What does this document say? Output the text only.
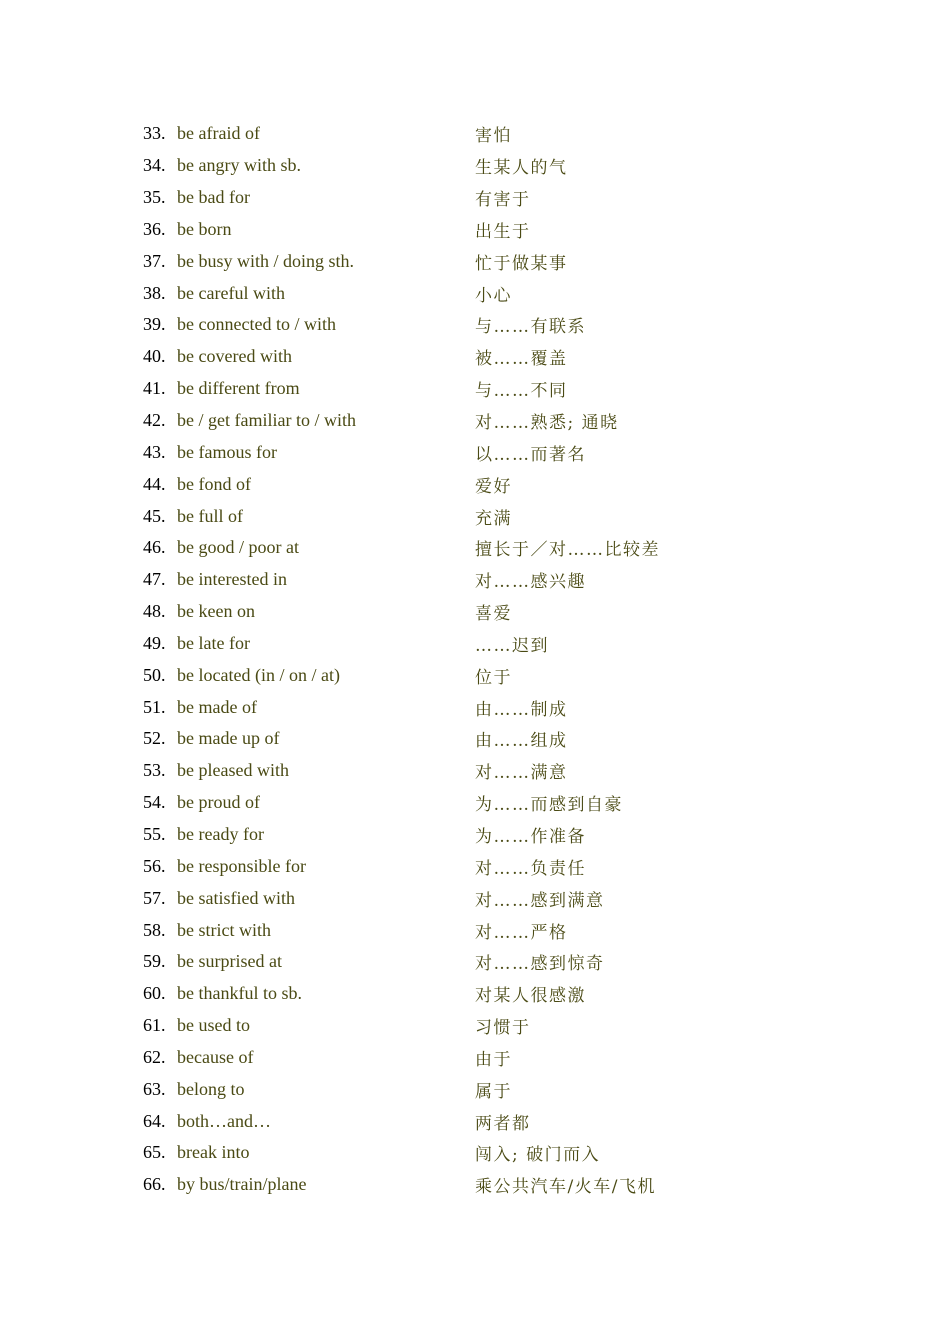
33. be afraid of	害怕
34. be angry with sb.	生某人的气
35. be bad for	有害于
36. be born	出生于
37. be busy with / doing sth.	忙于做某事
38. be careful with	小心
39. be connected to / with	与……有联系
40. be covered with	被……覆盖
41. be different from	与……不同
42. be / get familiar to / with	对……熟悉; 通晓
43. be famous for	以……而著名
44. be fond of	爱好
45. be full of	充满
46. be good / poor at	擅长于／对……比较差
47. be interested in	对……感兴趣
48. be keen on	喜爱
49. be late for	……迟到
50. be located (in / on / at)	位于
51. be made of	由……制成
52. be made up of	由……组成
53. be pleased with	对……满意
54. be proud of	为……而感到自豪
55. be ready for	为……作准备
56. be responsible for	对……负责任
57. be satisfied with	对……感到满意
58. be strict with	对……严格
59. be surprised at	对……感到惊奇
60. be thankful to sb.	对某人很感激
61. be used to	习惯于
62. because of	由于
63. belong to	属于
64. both…and…	两者都
65. break into	闯入; 破门而入
66. by bus/train/plane	乘公共汽车/火车/飞机
